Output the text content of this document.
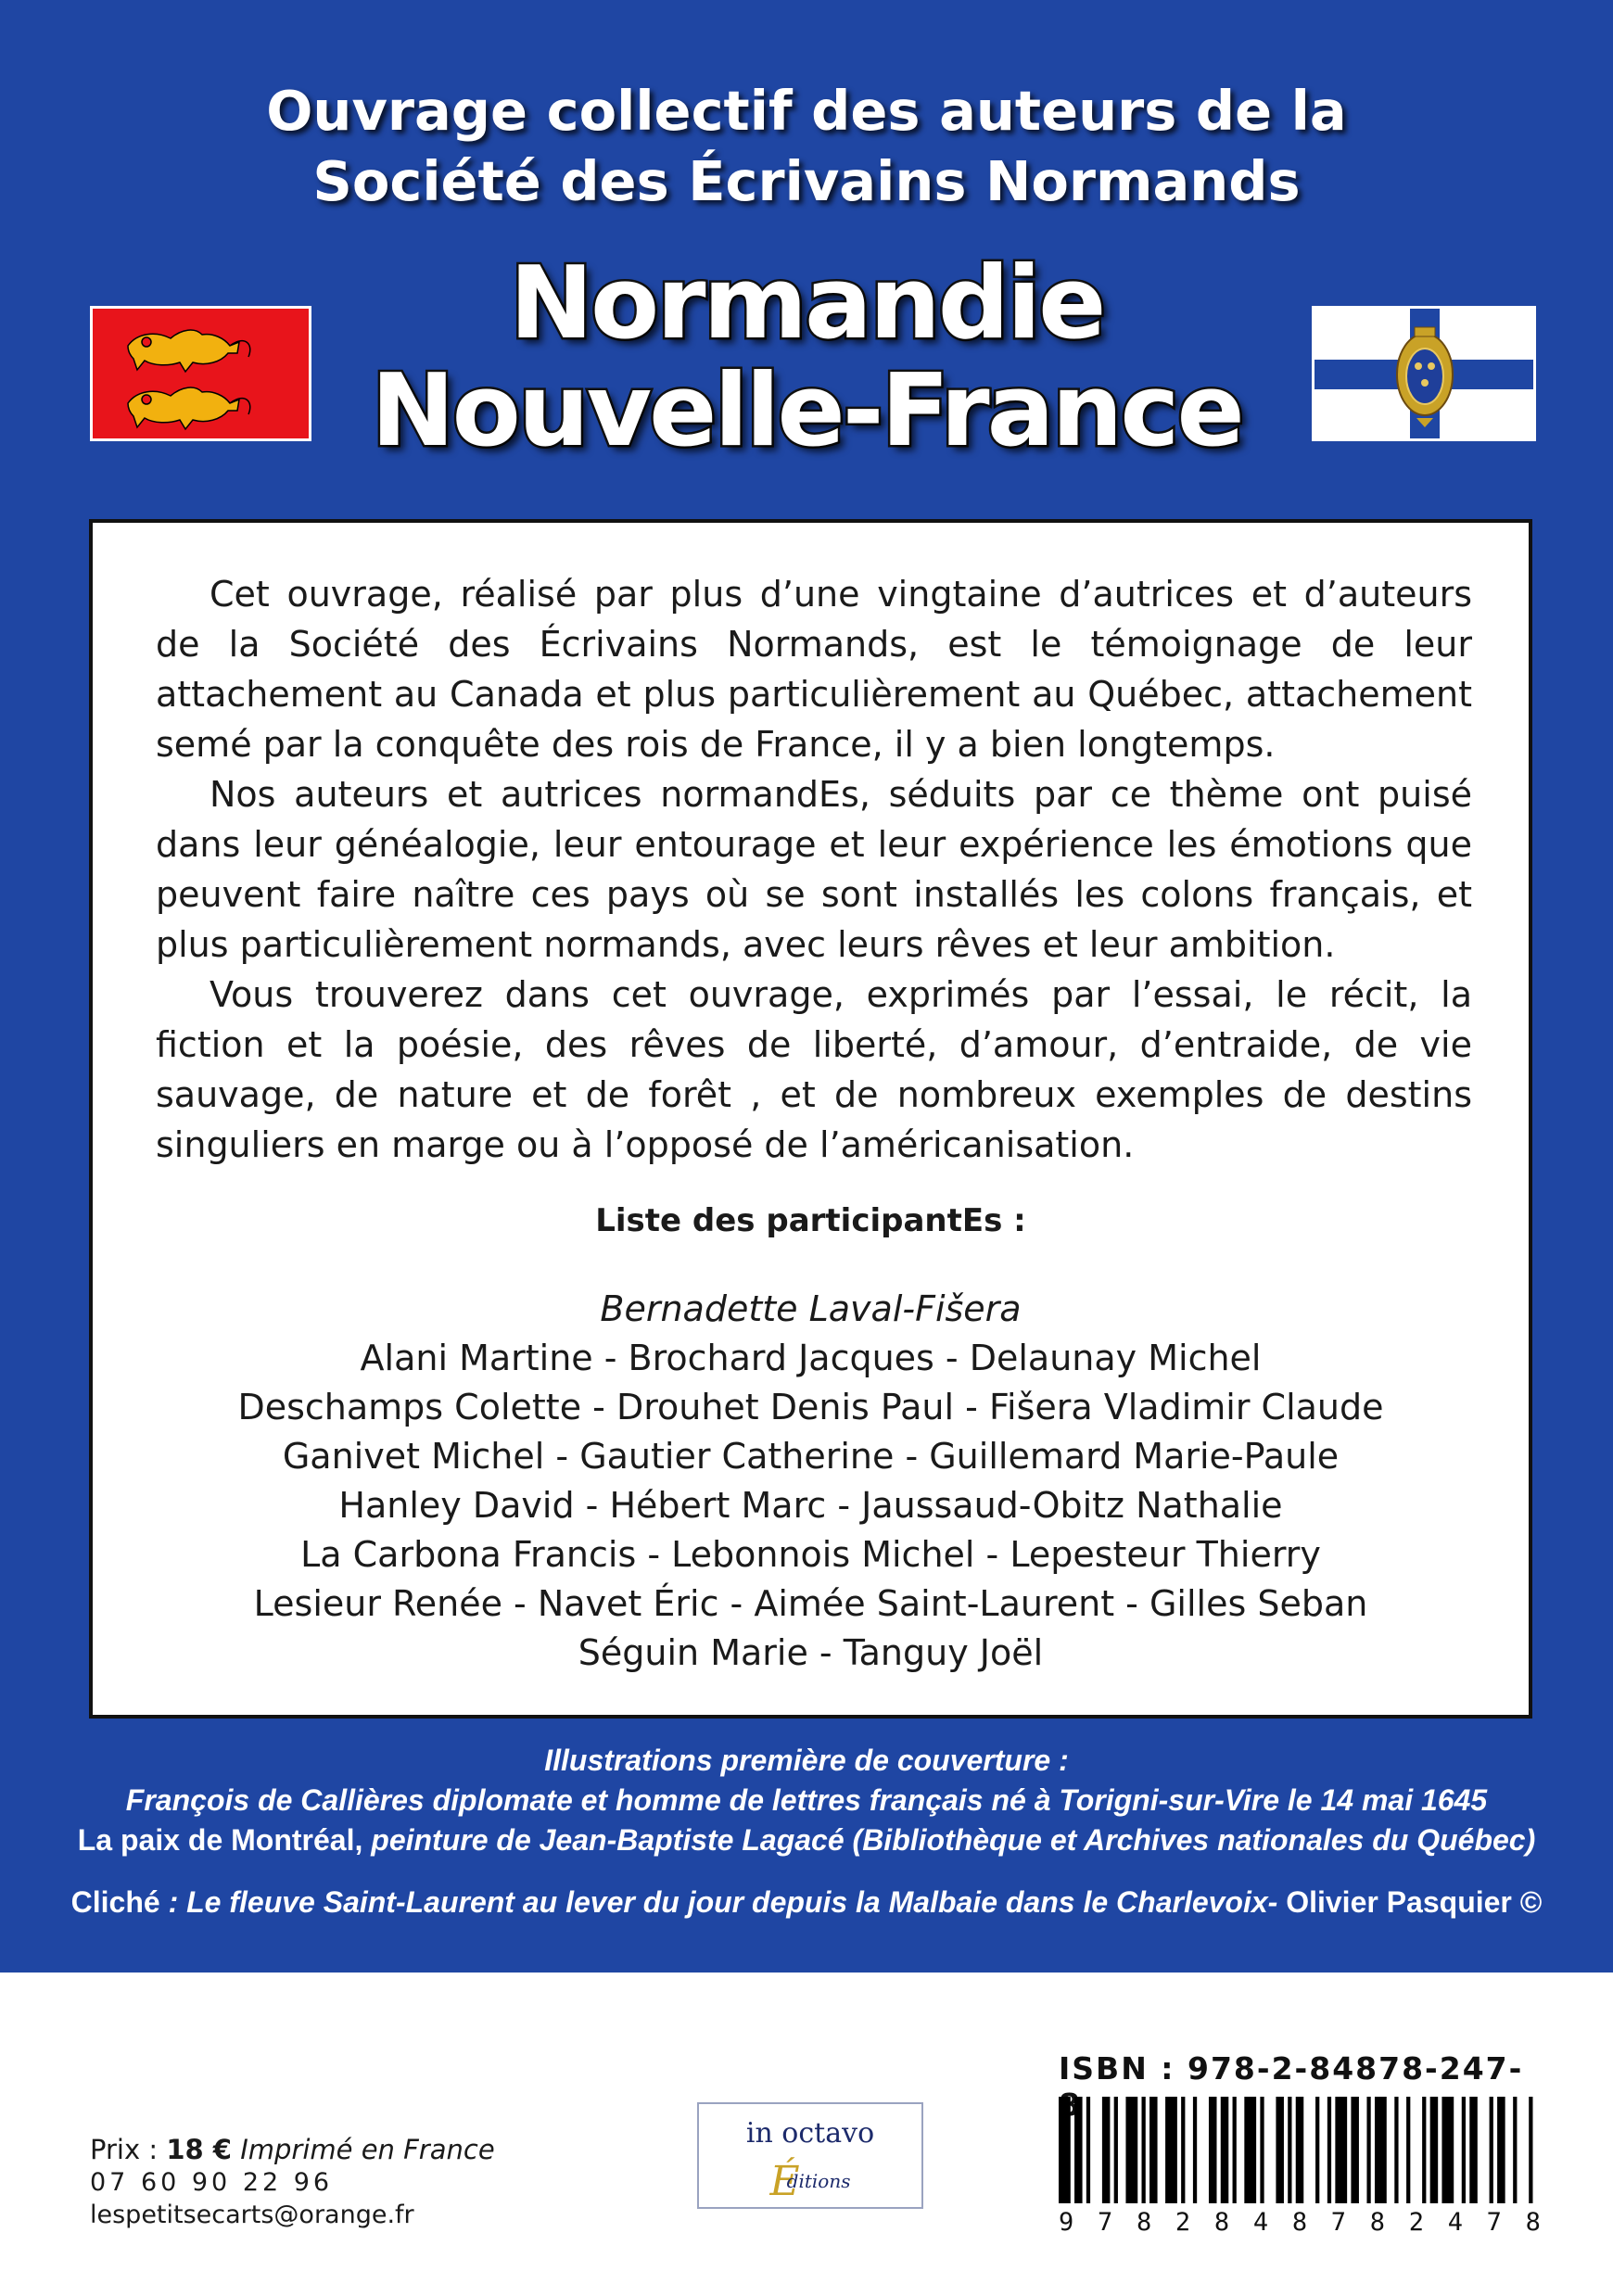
Ouvrage collectif des auteurs de la
Société des Écrivains Normands
Normandie
Nouvelle-France

Cet ouvrage, réalisé par plus d’une vingtaine d’autrices et d’auteurs de la Société des Écrivains Normands, est le témoignage de leur attachement au Canada et plus particulièrement au Québec, attachement semé par la conquête des rois de France, il y a bien longtemps.

Nos auteurs et autrices normandEs, séduits par ce thème ont puisé dans leur généalogie, leur entourage et leur expérience les émotions que peuvent faire naître ces pays où se sont installés les colons français, et plus particulièrement normands, avec leurs rêves et leur ambition.

Vous trouverez dans cet ouvrage, exprimés par l’essai, le récit, la fiction et la poésie, des rêves de liberté, d’amour, d’entraide, de vie sauvage, de nature et de forêt , et de nombreux exemples de destins singuliers en marge ou à l’opposé de l’américanisation.

Liste des participantEs :

Bernadette Laval-Fišera
Alani Martine - Brochard Jacques - Delaunay Michel
Deschamps Colette - Drouhet Denis Paul - Fišera Vladimir Claude
Ganivet Michel - Gautier Catherine - Guillemard Marie-Paule
Hanley David - Hébert Marc - Jaussaud-Obitz Nathalie
La Carbona Francis - Lebonnois Michel - Lepesteur Thierry
Lesieur Renée - Navet Éric - Aimée Saint-Laurent - Gilles Seban
Séguin Marie - Tanguy Joël
Illustrations première de couverture :
François de Callières diplomate et homme de lettres français né à Torigni-sur-Vire le 14 mai 1645
La paix de Montréal, peinture de Jean-Baptiste Lagacé (Bibliothèque et Archives nationales du Québec)
Cliché : Le fleuve Saint-Laurent au lever du jour depuis la Malbaie dans le Charlevoix- Olivier Pasquier ©
ISBN : 978-2-84878-247-
9 7 8 2 8 4 8 7 8 2 4 7 8
in octavo
Éditions
Prix : 18 € Imprimé en France
07 60 90 22 96
lespetitsecarts@orange.fr
